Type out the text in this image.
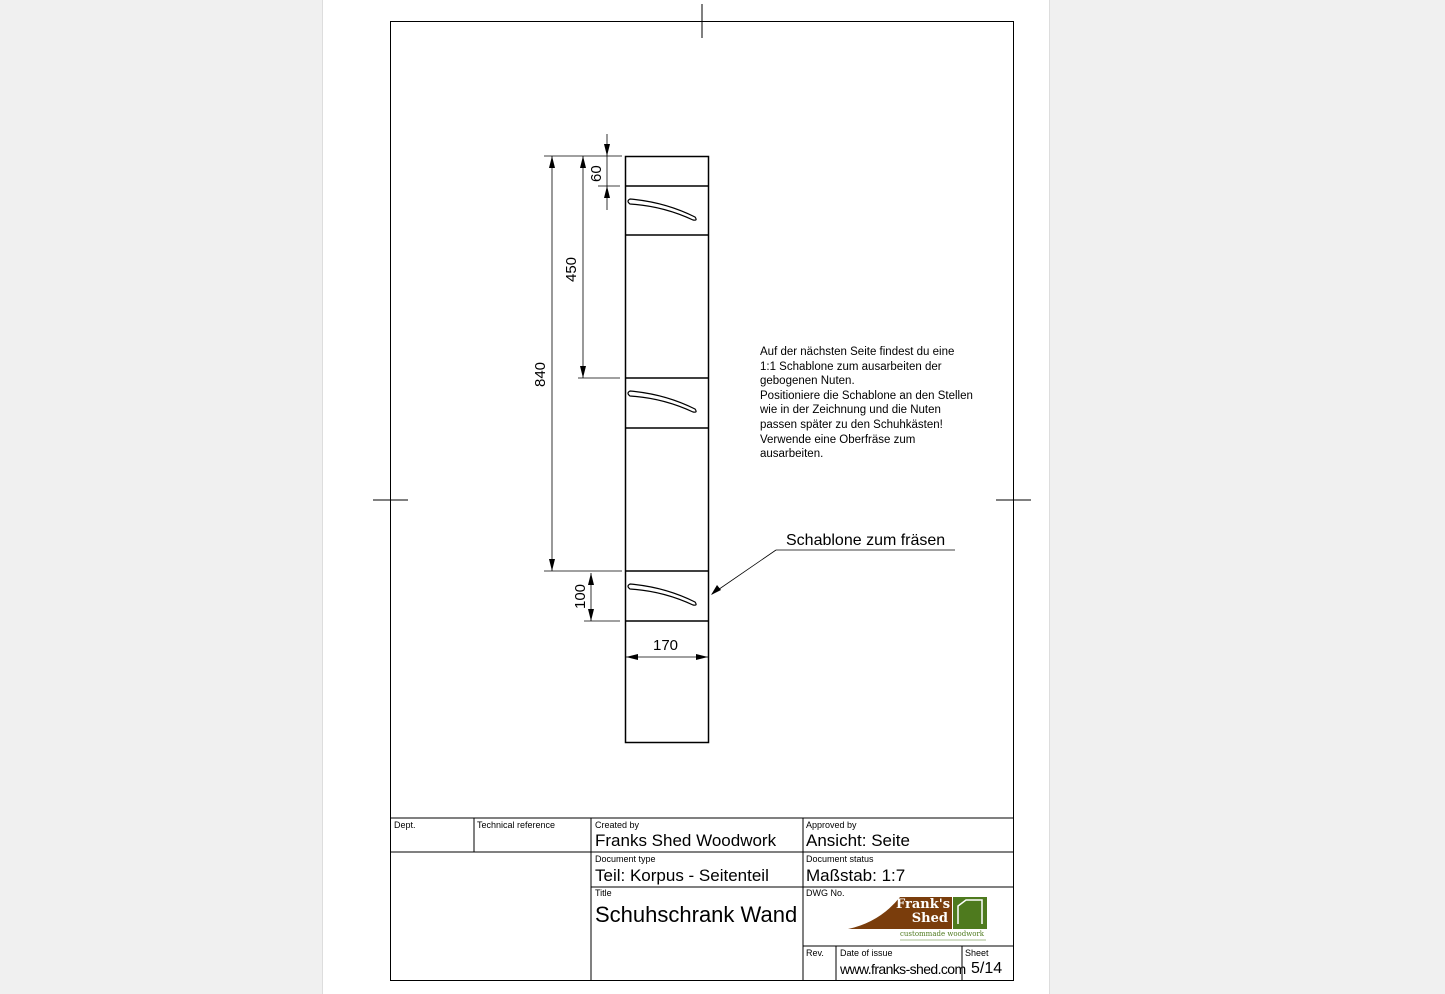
60
450
840
100
170
Schablone zum fräsen
Auf der nächsten Seite findest du eine
1:1 Schablone zum ausarbeiten der
gebogenen Nuten.
Positioniere die Schablone an den Stellen
wie in der Zeichnung und die Nuten
passen später zu den Schuhkästen!
Verwende eine Oberfräse zum
ausarbeiten.
Dept.	Technical reference	Created by
Franks Shed Woodwork
Approved by
Ansicht: Seite
Document type
Teil: Korpus - Seitenteil
Document status
Maßstab: 1:7
Title
Schuhschrank Wand
DWG No.
Frank's
Shed
custommade woodwork
Rev. Date of issue
www.franks-shed.com
Sheet
5/14
